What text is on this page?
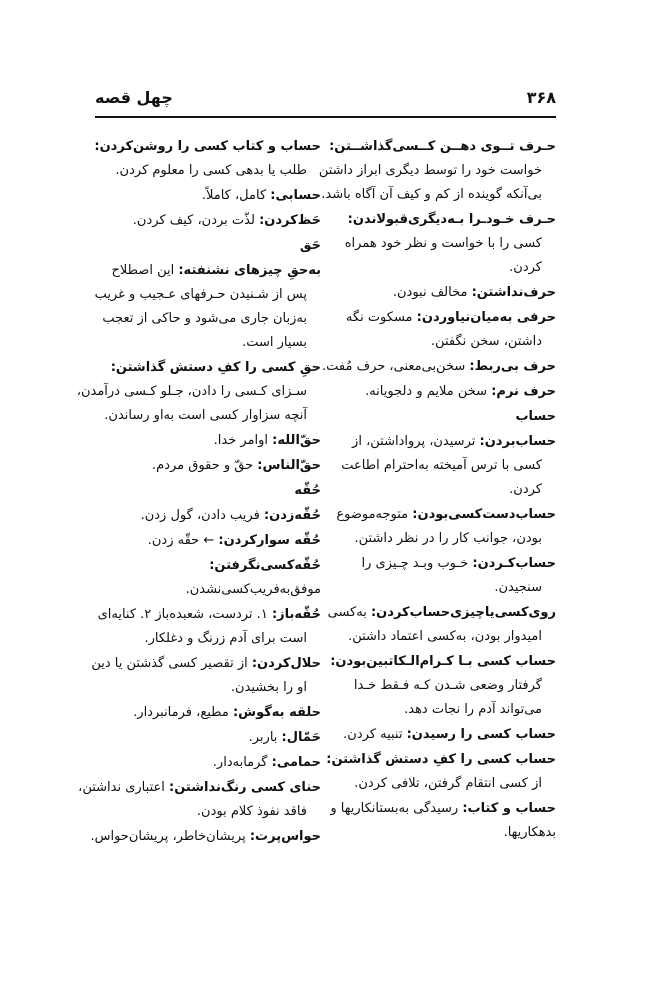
چهل قصه	۳۶۸
حـرف تــوی دهــن کــسی‌گذاشــتن:
خواست خود را توسط دیگری ابراز داشتن بی‌آنکه گوینده از کم و کیف آن آگاه باشد.
حـرف خـود‌ـرا بـه‌دیگری‌قبولاندن:
کسی را با خواست و نظر خود همراه کردن.
حرف‌نداشتن: مخالف نبودن.
حرفی به‌میان‌نیاوردن: مسکوت نگه
داشتن، سخن نگفتن.
حرف بی‌ربط: سخن‌بی‌معنی، حرف مُفت.
حرف نرم: سخن ملایم و دلجویانه.
حساب
حساب‌بردن: ترسیدن، پرواداشتن، از
کسی با ترس آمیخته به‌احترام اطاعت کردن.
حساب‌دست‌کسی‌بودن: متوجه‌موضوع
بودن، جوانب کار را در نظر داشتن.
حساب‌کـردن: خـوب وبـد چـیزی را
سنجیدن.
روی‌کسی‌یاچیزی‌حساب‌کردن: به‌کسی
امیدوار بودن، به‌کسی اعتماد داشتن.
حساب کسی بـا کـرام‌الـکاتبین‌بودن:
گرفتار وضعی شـدن کـه فـقط خـدا می‌تواند آدم را نجات دهد.
حساب کسی را رسیدن: تنبیه کردن.
حساب کسی را کفِ دستش گذاشتن:
از کسی انتقام گرفتن، تلافی کردن.
حساب و کتاب: رسیدگی به‌بستانکاریها و بدهکاریها.
حساب و کتاب کسی را روشن‌کردن:
طلب یا بدهی کسی را معلوم کردن.
حسابی: کامل، کاملاً.
حَظ‌کردن: لذّت بردن، کیف کردن.
حَق
به‌حقِ چیزهای نشنفته: این اصطلاح
پس از شـنیدن حـرفهای عـجیب و غریب به‌زبان جاری می‌شود و حاکی از تعجب بسیار است.
حقِ کسی را کفِ دستش گذاشتن:
سـزای کـسی را دادن، جـلو کـسی درآمدن، آنچه سزاوار کسی است به‌او رساندن.
حقّ‌الله: اوامر خدا.
حقّ‌الناس: حقّ و حقوق مردم.
حُقّه
حُقّه‌زدن: فریب دادن، گول زدن.
حُقّه سوارکردن: ← حقّه زدن.
حُقّه‌کسی‌نگرفتن: موفق‌به‌فریب‌کسی‌نشدن.
حُقّه‌باز: ۱. تردست، شعبده‌باز ۲. کنایه‌ای
است برای آدم زرنگ و دغلکار.
حلال‌کردن: از تقصیر کسی گذشتن یا دین
او را بخشیدن.
حلقه به‌گوش: مطیع، فرمانبردار.
حَمّال: باربر.
حمامی: گرمابه‌دار.
حنای کسی رنگ‌نداشتن: اعتباری نداشتن،
فاقد نفوذ کلام بودن.
حواس‌پرت: پریشان‌خاطر، پریشان‌حواس.
